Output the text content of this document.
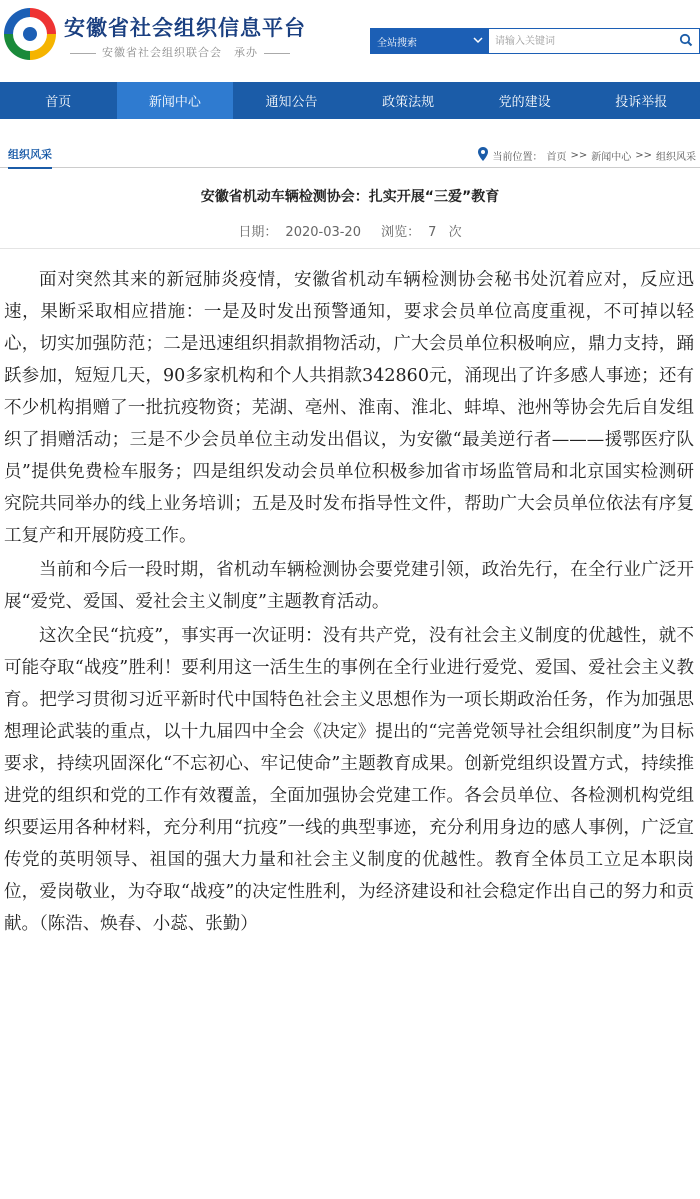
安徽省社会组织信息平台
安徽省社会组织联合会　承办
全站搜索
请输入关键词
首页	新闻中心	通知公告	政策法规	党的建设	投诉举报
组织风采	当前位置： 首页 >> 新闻中心 >> 组织风采
安徽省机动车辆检测协会：扎实开展“三爱”教育
日期： 2020-03-20 浏览： 7 次

面对突然其来的新冠肺炎疫情，安徽省机动车辆检测协会秘书处沉着应对，反应迅速，果断采取相应措施：一是及时发出预警通知，要求会员单位高度重视，不可掉以轻心，切实加强防范；二是迅速组织捐款捐物活动，广大会员单位积极响应，鼎力支持，踊跃参加，短短几天，90多家机构和个人共捐款342860元，涌现出了许多感人事迹；还有不少机构捐赠了一批抗疫物资；芜湖、亳州、淮南、淮北、蚌埠、池州等协会先后自发组织了捐赠活动；三是不少会员单位主动发出倡议，为安徽“最美逆行者———援鄂医疗队员”提供免费检车服务；四是组织发动会员单位积极参加省市场监管局和北京国实检测研究院共同举办的线上业务培训；五是及时发布指导性文件，帮助广大会员单位依法有序复工复产和开展防疫工作。

当前和今后一段时期，省机动车辆检测协会要党建引领，政治先行，在全行业广泛开展“爱党、爱国、爱社会主义制度”主题教育活动。

这次全民“抗疫”，事实再一次证明：没有共产党，没有社会主义制度的优越性，就不可能夺取“战疫”胜利！要利用这一活生生的事例在全行业进行爱党、爱国、爱社会主义教育。把学习贯彻习近平新时代中国特色社会主义思想作为一项长期政治任务，作为加强思想理论武装的重点，以十九届四中全会《决定》提出的“完善党领导社会组织制度”为目标要求，持续巩固深化“不忘初心、牢记使命”主题教育成果。创新党组织设置方式，持续推进党的组织和党的工作有效覆盖，全面加强协会党建工作。各会员单位、各检测机构党组织要运用各种材料，充分利用“抗疫”一线的典型事迹，充分利用身边的感人事例，广泛宣传党的英明领导、祖国的强大力量和社会主义制度的优越性。教育全体员工立足本职岗位，爱岗敬业，为夺取“战疫”的决定性胜利，为经济建设和社会稳定作出自己的努力和贡献。（陈浩、焕春、小蕊、张勤）
